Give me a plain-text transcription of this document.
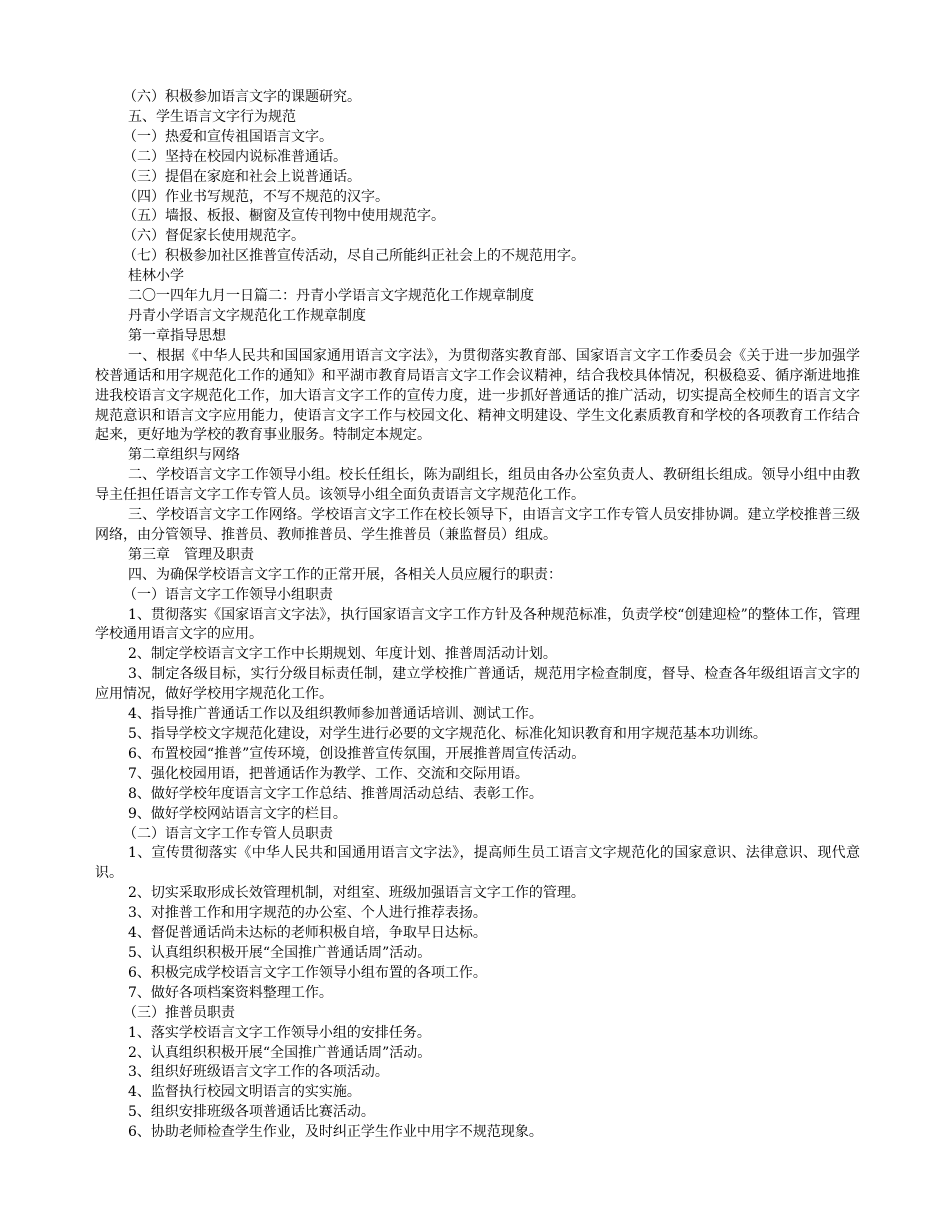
（六）积极参加语言文字的课题研究。

五、学生语言文字行为规范

（一）热爱和宣传祖国语言文字。

（二）坚持在校园内说标准普通话。

（三）提倡在家庭和社会上说普通话。

（四）作业书写规范，不写不规范的汉字。

（五）墙报、板报、橱窗及宣传刊物中使用规范字。

（六）督促家长使用规范字。

（七）积极参加社区推普宣传活动，尽自己所能纠正社会上的不规范用字。

桂林小学

二〇一四年九月一日篇二：丹青小学语言文字规范化工作规章制度

丹青小学语言文字规范化工作规章制度

第一章指导思想

一、根据《中华人民共和国国家通用语言文字法》，为贯彻落实教育部、国家语言文字工作委员会《关于进一步加强学校普通话和用字规范化工作的通知》和平湖市教育局语言文字工作会议精神，结合我校具体情况，积极稳妥、循序渐进地推进我校语言文字规范化工作，加大语言文字工作的宣传力度，进一步抓好普通话的推广活动，切实提高全校师生的语言文字规范意识和语言文字应用能力，使语言文字工作与校园文化、精神文明建设、学生文化素质教育和学校的各项教育工作结合起来，更好地为学校的教育事业服务。特制定本规定。

第二章组织与网络

二、学校语言文字工作领导小组。校长任组长，陈为副组长，组员由各办公室负责人、教研组长组成。领导小组中由教导主任担任语言文字工作专管人员。该领导小组全面负责语言文字规范化工作。

三、学校语言文字工作网络。学校语言文字工作在校长领导下，由语言文字工作专管人员安排协调。建立学校推普三级网络，由分管领导、推普员、教师推普员、学生推普员（兼监督员）组成。

第三章　管理及职责

四、为确保学校语言文字工作的正常开展，各相关人员应履行的职责：

（一）语言文字工作领导小组职责

1、贯彻落实《国家语言文字法》，执行国家语言文字工作方针及各种规范标准，负责学校“创建迎检”的整体工作，管理学校通用语言文字的应用。

2、制定学校语言文字工作中长期规划、年度计划、推普周活动计划。

3、制定各级目标，实行分级目标责任制，建立学校推广普通话，规范用字检查制度，督导、检查各年级组语言文字的应用情况，做好学校用字规范化工作。

4、指导推广普通话工作以及组织教师参加普通话培训、测试工作。

5、指导学校文字规范化建设，对学生进行必要的文字规范化、标准化知识教育和用字规范基本功训练。

6、布置校园“推普”宣传环境，创设推普宣传氛围，开展推普周宣传活动。

7、强化校园用语，把普通话作为教学、工作、交流和交际用语。

8、做好学校年度语言文字工作总结、推普周活动总结、表彰工作。

9、做好学校网站语言文字的栏目。

（二）语言文字工作专管人员职责

1、宣传贯彻落实《中华人民共和国通用语言文字法》，提高师生员工语言文字规范化的国家意识、法律意识、现代意识。

2、切实采取形成长效管理机制，对组室、班级加强语言文字工作的管理。

3、对推普工作和用字规范的办公室、个人进行推荐表扬。

4、督促普通话尚未达标的老师积极自培，争取早日达标。

5、认真组织积极开展“全国推广普通话周”活动。

6、积极完成学校语言文字工作领导小组布置的各项工作。

7、做好各项档案资料整理工作。

（三）推普员职责

1、落实学校语言文字工作领导小组的安排任务。

2、认真组织积极开展“全国推广普通话周”活动。

3、组织好班级语言文字工作的各项活动。

4、监督执行校园文明语言的实实施。

5、组织安排班级各项普通话比赛活动。

6、协助老师检查学生作业，及时纠正学生作业中用字不规范现象。
